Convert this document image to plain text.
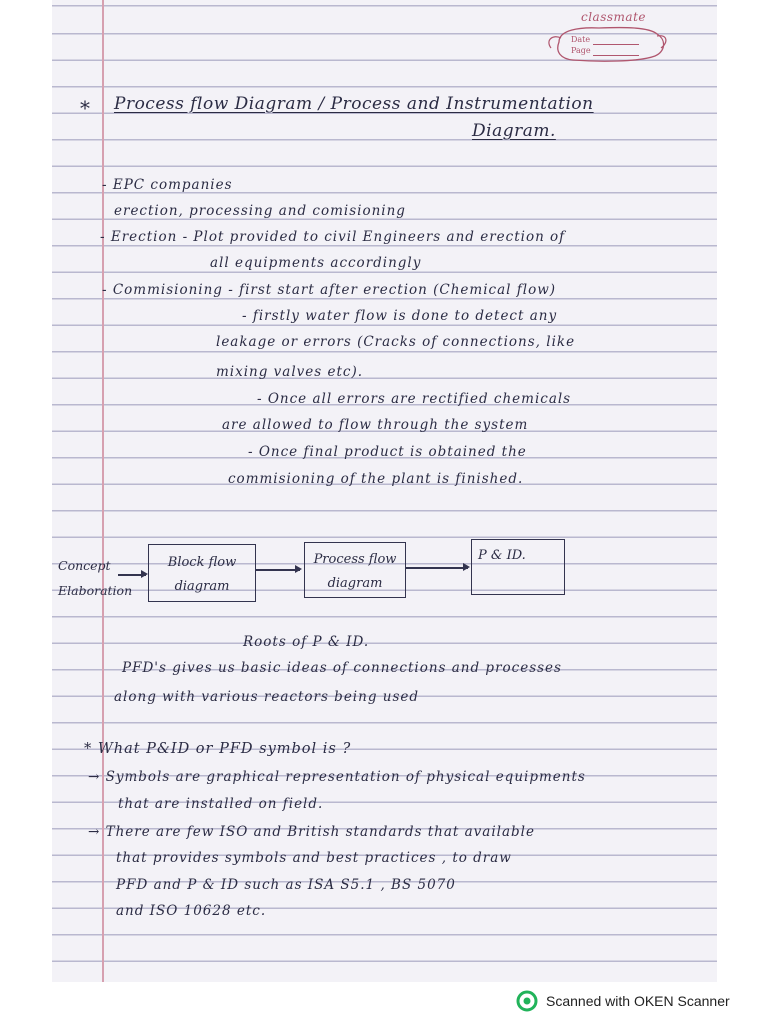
classmate
Date
Page
* Process flow Diagram / Process and Instrumentation
Diagram.
- EPC companies
erection, processing and comisioning
- Erection - Plot provided to civil Engineers and erection of
all equipments accordingly
- Commisioning - first start after erection (Chemical flow)
- firstly water flow is done to detect any
leakage or errors (Cracks of connections, like
mixing valves etc).
- Once all errors are rectified chemicals
are allowed to flow through the system
- Once final product is obtained the
commisioning of the plant is finished.
Concept
Elaboration
Block flow
diagram
Process flow
diagram
P & ID.
Roots of P & ID.
PFD's gives us basic ideas of connections and processes
along with various reactors being used
* What P&ID or PFD symbol is ?
→ Symbols are graphical representation of physical equipments
that are installed on field.
→ There are few ISO and British standards that available
that provides symbols and best practices , to draw
PFD and P & ID such as ISA S5.1 , BS 5070
and ISO 10628 etc.
Scanned with OKEN Scanner
